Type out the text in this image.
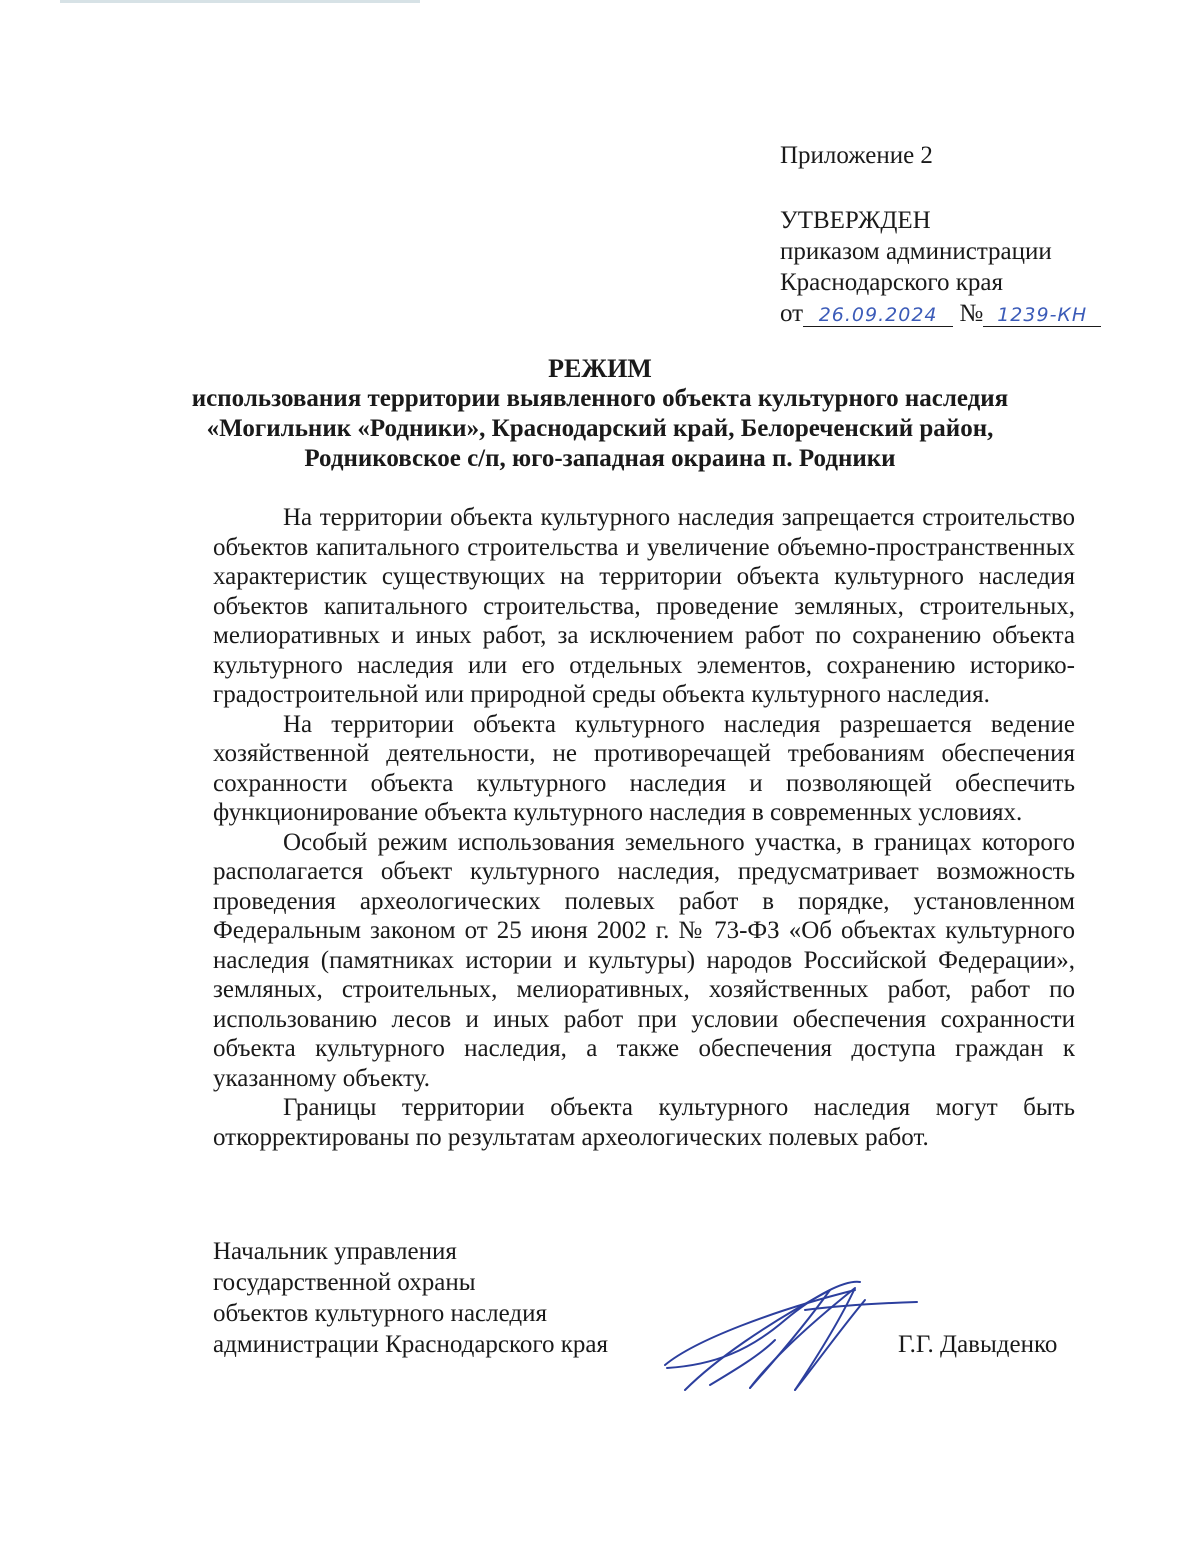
Приложение 2
УТВЕРЖДЕН
приказом администрации
Краснодарского края
от 26.09.2024 № 1239-КН
РЕЖИМ
использования территории выявленного объекта культурного наследия
«Могильник «Родники», Краснодарский край, Белореченский район,
Родниковское с/п, юго-западная окраина п. Родники

На территории объекта культурного наследия запрещается строительство объектов капитального строительства и увеличение объемно-пространственных характеристик существующих на территории объекта культурного наследия объектов капитального строительства, проведение земляных, строительных, мелиоративных и иных работ, за исключением работ по сохранению объекта культурного наследия или его отдельных элементов, сохранению историко-градостроительной или природной среды объекта культурного наследия.

На территории объекта культурного наследия разрешается ведение хозяйственной деятельности, не противоречащей требованиям обеспечения сохранности объекта культурного наследия и позволяющей обеспечить функционирование объекта культурного наследия в современных условиях.

Особый режим использования земельного участка, в границах которого располагается объект культурного наследия, предусматривает возможность проведения археологических полевых работ в порядке, установленном Федеральным законом от 25 июня 2002 г. № 73-ФЗ «Об объектах культурного наследия (памятниках истории и культуры) народов Российской Федерации», земляных, строительных, мелиоративных, хозяйственных работ, работ по использованию лесов и иных работ при условии обеспечения сохранности объекта культурного наследия, а также обеспечения доступа граждан к указанному объекту.

Границы территории объекта культурного наследия могут быть откорректированы по результатам археологических полевых работ.

Начальник управления
государственной охраны
объектов культурного наследия
администрации Краснодарского края	Г.Г. Давыденко
